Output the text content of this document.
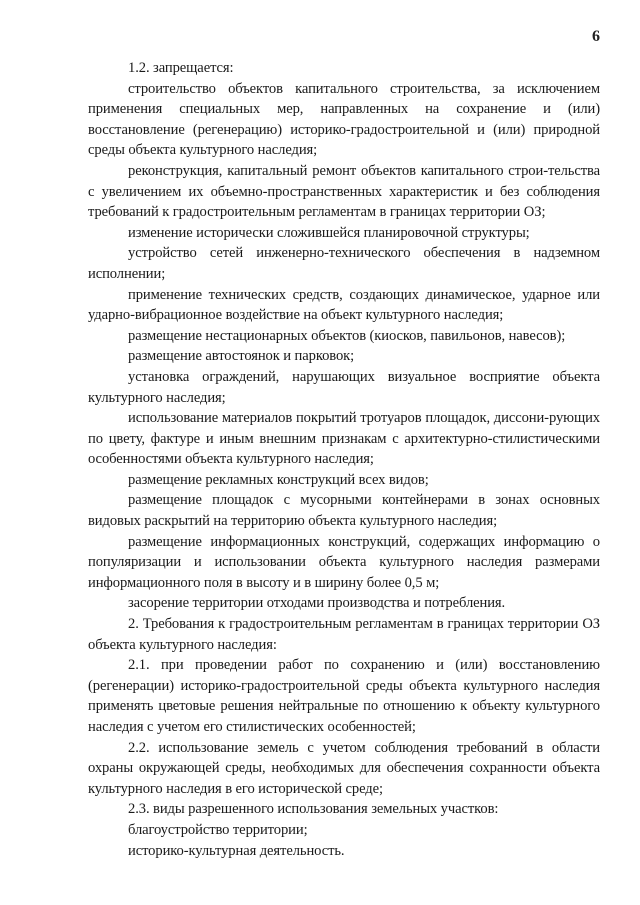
6

1.2. запрещается:

строительство объектов капитального строительства, за исключением применения специальных мер, направленных на сохранение и (или) восстановление (регенерацию) историко-градостроительной и (или) природной среды объекта культурного наследия;

реконструкция, капитальный ремонт объектов капитального строи-тельства с увеличением их объемно-пространственных характеристик и без соблюдения требований к градостроительным регламентам в границах территории ОЗ;

изменение исторически сложившейся планировочной структуры;

устройство сетей инженерно-технического обеспечения в надземном исполнении;

применение технических средств, создающих динамическое, ударное или ударно-вибрационное воздействие на объект культурного наследия;

размещение нестационарных объектов (киосков, павильонов, навесов);

размещение автостоянок и парковок;

установка ограждений, нарушающих визуальное восприятие объекта культурного наследия;

использование материалов покрытий тротуаров площадок, диссони-рующих по цвету, фактуре и иным внешним признакам с архитектурно-стилистическими особенностями объекта культурного наследия;

размещение рекламных конструкций всех видов;

размещение площадок с мусорными контейнерами в зонах основных видовых раскрытий на территорию объекта культурного наследия;

размещение информационных конструкций, содержащих информацию о популяризации и использовании объекта культурного наследия размерами информационного поля в высоту и в ширину более 0,5 м;

засорение территории отходами производства и потребления.

2. Требования к градостроительным регламентам в границах территории ОЗ объекта культурного наследия:

2.1. при проведении работ по сохранению и (или) восстановлению (регенерации) историко-градостроительной среды объекта культурного наследия применять цветовые решения нейтральные по отношению к объекту культурного наследия с учетом его стилистических особенностей;

2.2. использование земель с учетом соблюдения требований в области охраны окружающей среды, необходимых для обеспечения сохранности объекта культурного наследия в его исторической среде;

2.3. виды разрешенного использования земельных участков:

благоустройство территории;

историко-культурная деятельность.
